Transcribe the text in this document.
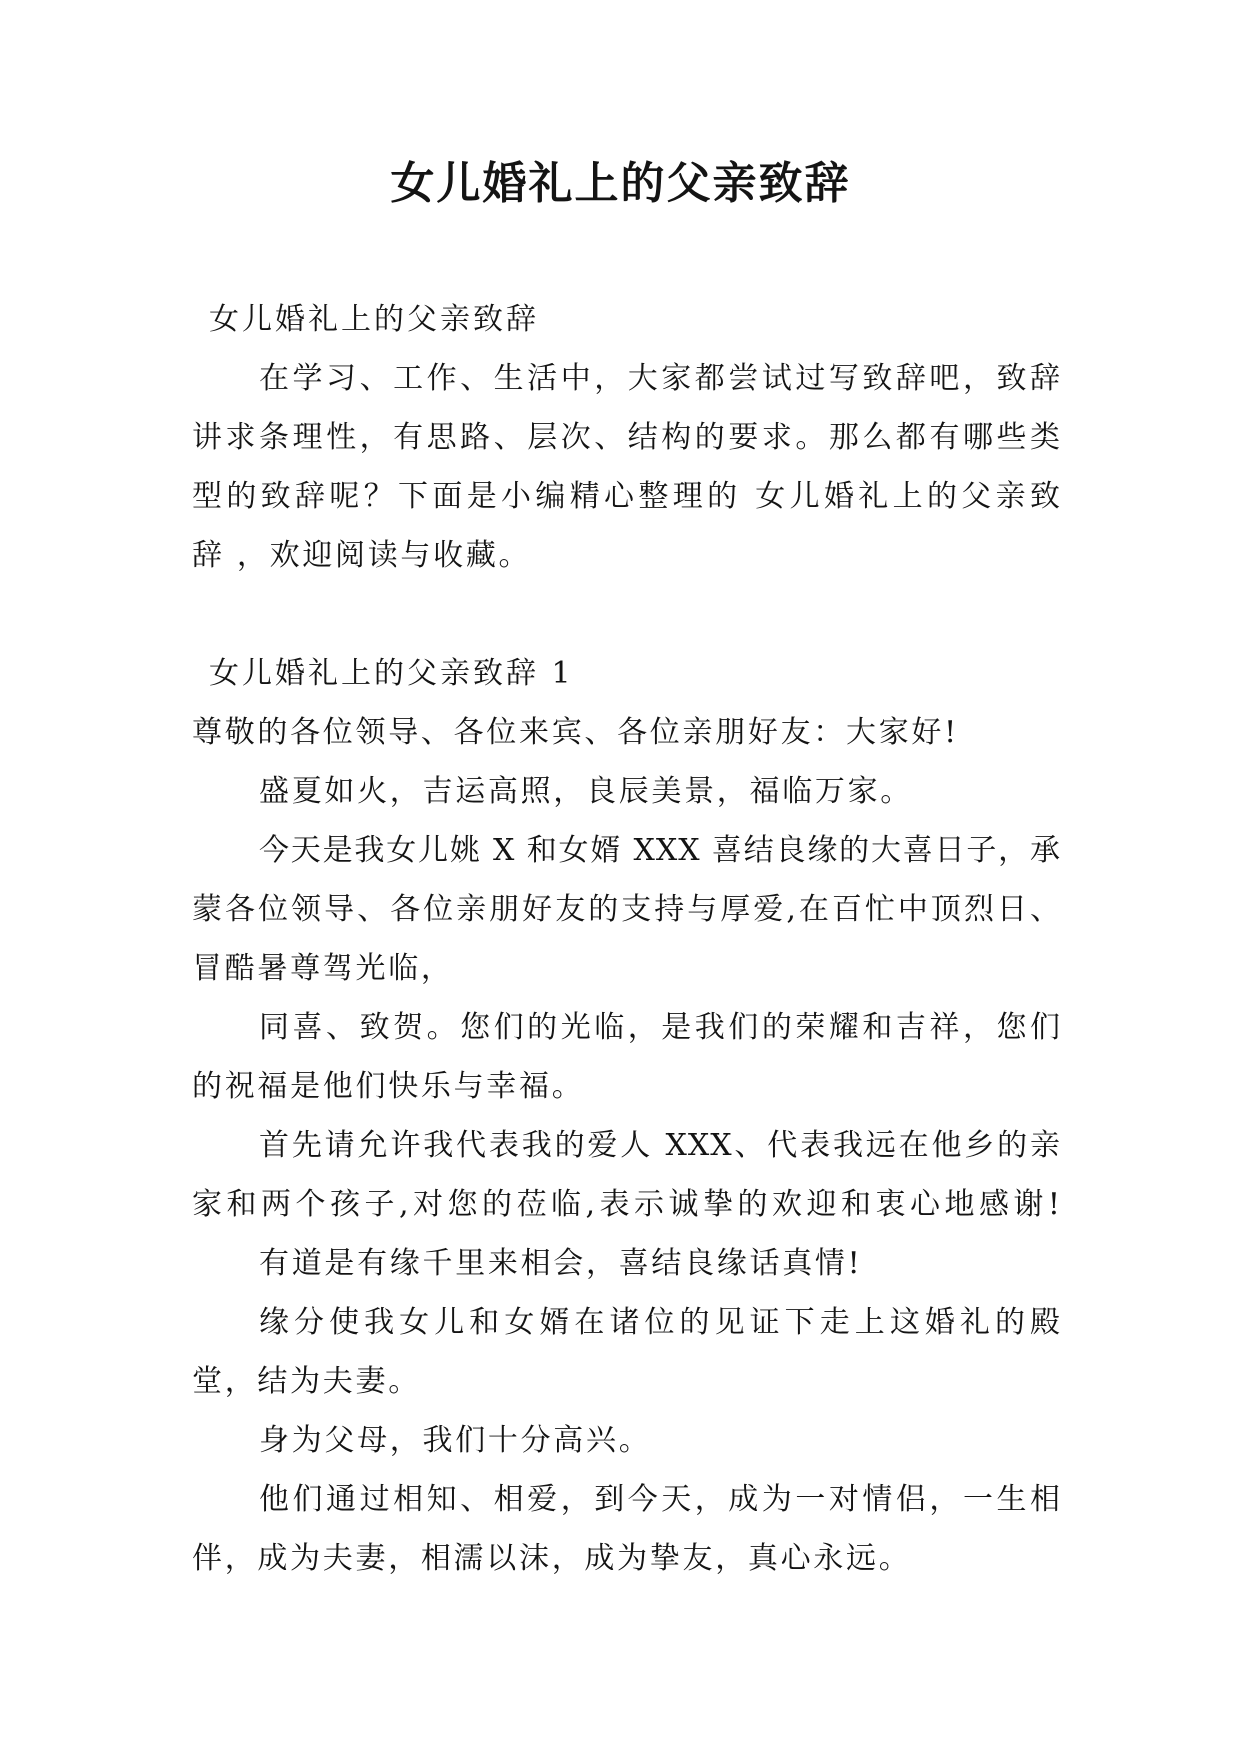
女儿婚礼上的父亲致辞
女儿婚礼上的父亲致辞
在学习、工作、生活中，大家都尝试过写致辞吧，致辞
讲求条理性，有思路、层次、结构的要求。那么都有哪些类
型的致辞呢？下面是小编精心整理的 女儿婚礼上的父亲致
辞 ，欢迎阅读与收藏。
女儿婚礼上的父亲致辞 1
尊敬的各位领导、各位来宾、各位亲朋好友：大家好!
盛夏如火，吉运高照，良辰美景，福临万家。
今天是我女儿姚 X 和女婿 XXX 喜结良缘的大喜日子，承
蒙各位领导、各位亲朋好友的支持与厚爱,在百忙中顶烈日、
冒酷暑尊驾光临，
同喜、致贺。您们的光临，是我们的荣耀和吉祥，您们
的祝福是他们快乐与幸福。
首先请允许我代表我的爱人 XXX、代表我远在他乡的亲
家和两个孩子,对您的莅临,表示诚挚的欢迎和衷心地感谢!
有道是有缘千里来相会，喜结良缘话真情!
缘分使我女儿和女婿在诸位的见证下走上这婚礼的殿
堂，结为夫妻。
身为父母，我们十分高兴。
他们通过相知、相爱，到今天，成为一对情侣，一生相
伴，成为夫妻，相濡以沫，成为挚友，真心永远。
